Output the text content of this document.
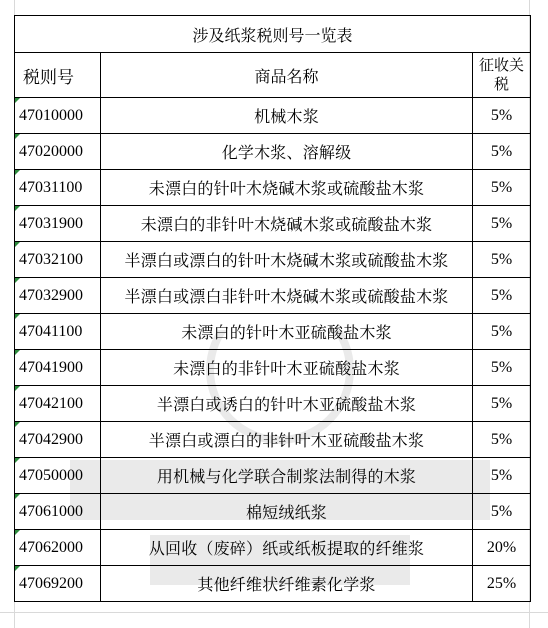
涉及纸浆税则号一览表		
税则号	商品名称	征收关税
47010000	机械木浆	5%
47020000	化学木浆、溶解级	5%
47031100	未漂白的针叶木烧碱木浆或硫酸盐木浆	5%
47031900	未漂白的非针叶木烧碱木浆或硫酸盐木浆	5%
47032100	半漂白或漂白的针叶木烧碱木浆或硫酸盐木浆	5%
47032900	半漂白或漂白非针叶木烧碱木浆或硫酸盐木浆	5%
47041100	未漂白的针叶木亚硫酸盐木浆	5%
47041900	未漂白的非针叶木亚硫酸盐木浆	5%
47042100	半漂白或诱白的针叶木亚硫酸盐木浆	5%
47042900	半漂白或漂白的非针叶木亚硫酸盐木浆	5%
47050000	用机械与化学联合制浆法制得的木浆	5%
47061000	棉短绒纸浆	5%
47062000	从回收（废碎）纸或纸板提取的纤维浆	20%
47069200	其他纤维状纤维素化学浆	25%
